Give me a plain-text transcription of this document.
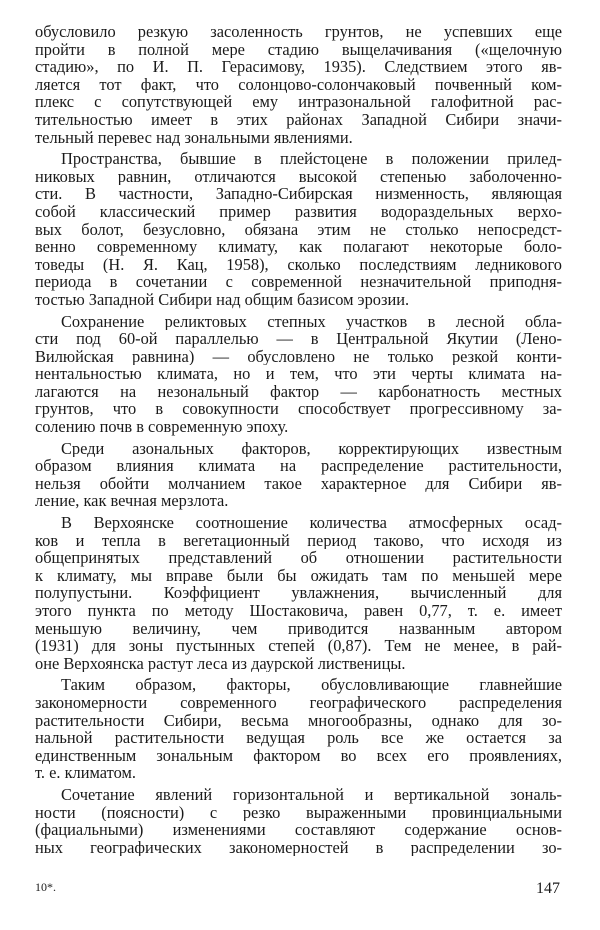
обусловило резкую засоленность грунтов, не успевших еще
пройти в полной мере стадию выщелачивания («щелочную
стадию», по И. П. Герасимову, 1935). Следствием этого яв-
ляется тот факт, что солонцово-солончаковый почвенный ком-
плекс с сопутствующей ему интразональной галофитной рас-
тительностью имеет в этих районах Западной Сибири значи-
тельный перевес над зональными явлениями.
Пространства, бывшие в плейстоцене в положении прилед-
никовых равнин, отличаются высокой степенью заболоченно-
сти. В частности, Западно-Сибирская низменность, являющая
собой классический пример развития водораздельных верхо-
вых болот, безусловно, обязана этим не столько непосредст-
венно современному климату, как полагают некоторые боло-
товеды (Н. Я. Кац, 1958), сколько последствиям ледникового
периода в сочетании с современной незначительной приподня-
тостью Западной Сибири над общим базисом эрозии.
Сохранение реликтовых степных участков в лесной обла-
сти под 60-ой параллелью — в Центральной Якутии (Лено-
Вилюйская равнина) — обусловлено не только резкой конти-
нентальностью климата, но и тем, что эти черты климата на-
лагаются на незональный фактор — карбонатность местных
грунтов, что в совокупности способствует прогрессивному за-
солению почв в современную эпоху.
Среди азональных факторов, корректирующих известным
образом влияния климата на распределение растительности,
нельзя обойти молчанием такое характерное для Сибири яв-
ление, как вечная мерзлота.
В Верхоянске соотношение количества атмосферных осад-
ков и тепла в вегетационный период таково, что исходя из
общепринятых представлений об отношении растительности
к климату, мы вправе были бы ожидать там по меньшей мере
полупустыни. Коэффициент увлажнения, вычисленный для
этого пункта по методу Шостаковича, равен 0,77, т. е. имеет
меньшую величину, чем приводится названным автором
(1931) для зоны пустынных степей (0,87). Тем не менее, в рай-
оне Верхоянска растут леса из даурской лиственицы.
Таким образом, факторы, обусловливающие главнейшие
закономерности современного географического распределения
растительности Сибири, весьма многообразны, однако для зо-
нальной растительности ведущая роль все же остается за
единственным зональным фактором во всех его проявлениях,
т. е. климатом.
Сочетание явлений горизонтальной и вертикальной зональ-
ности (поясности) с резко выраженными провинциальными
(фациальными) изменениями составляют содержание основ-
ных географических закономерностей в распределении зо-
10*.	147
